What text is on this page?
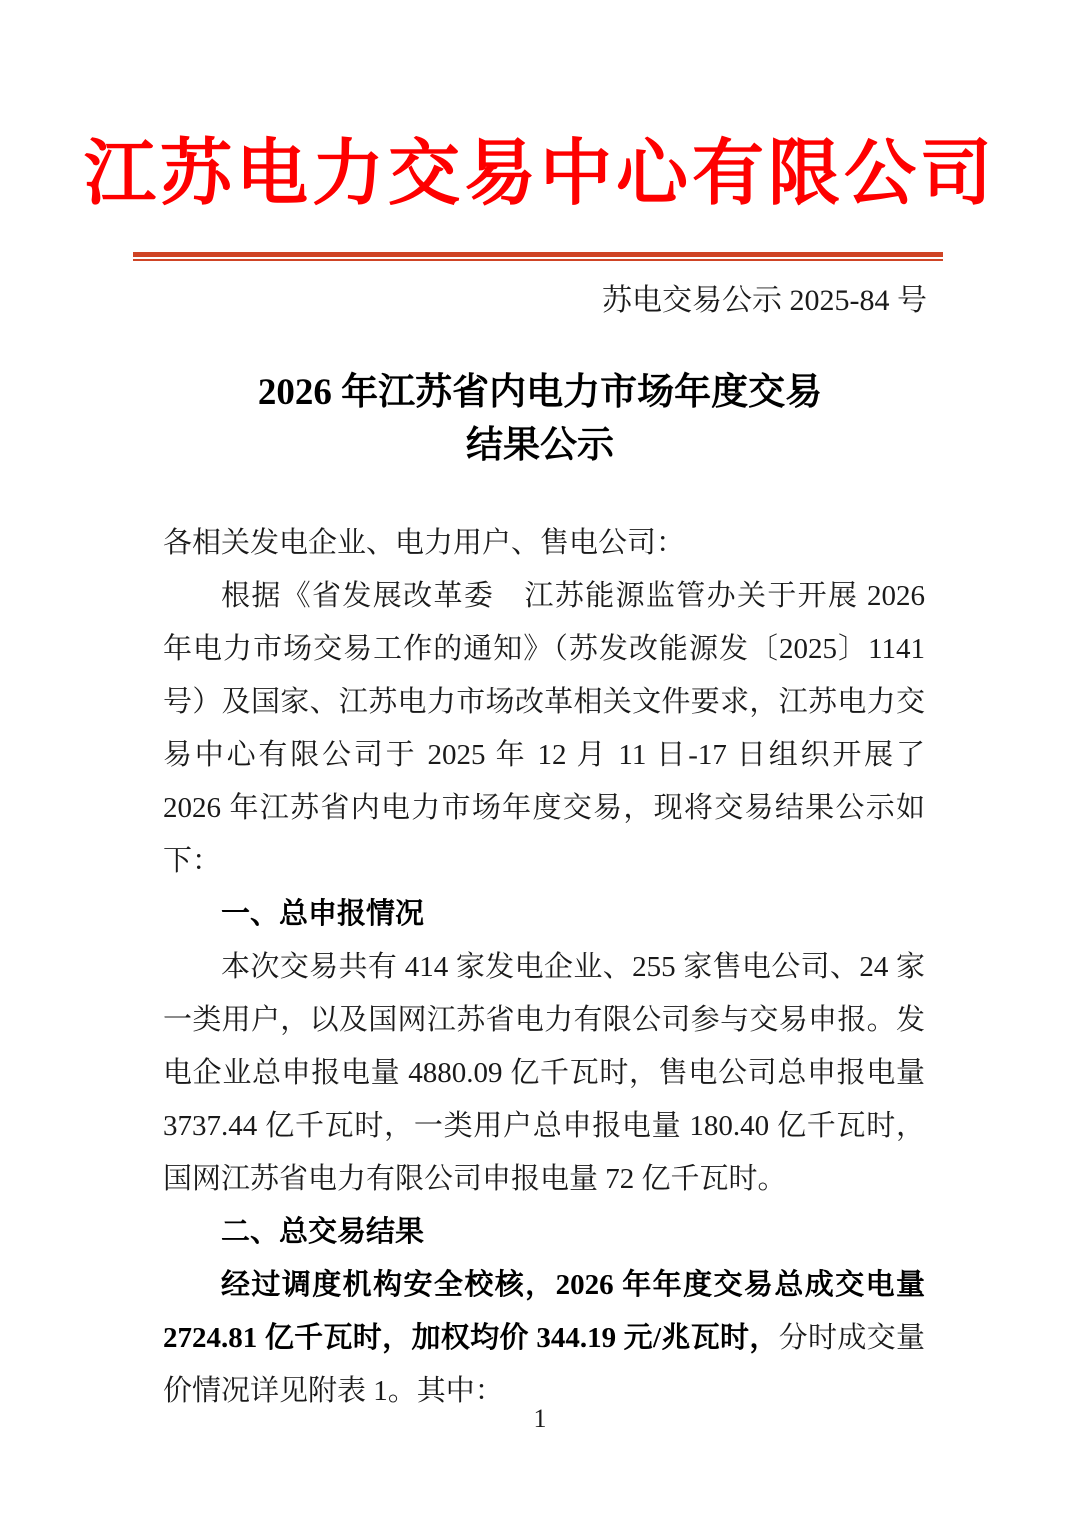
江苏电力交易中心有限公司
苏电交易公示 2025-84 号
2026 年江苏省内电力市场年度交易
结果公示

各相关发电企业、电力用户、售电公司：

根据《省发展改革委　江苏能源监管办关于开展 2026 年电力市场交易工作的通知》（苏发改能源发〔2025〕1141 号）及国家、江苏电力市场改革相关文件要求，江苏电力交易中心有限公司于 2025 年 12 月 11 日-17 日组织开展了 2026 年江苏省内电力市场年度交易，现将交易结果公示如下：

一、总申报情况

本次交易共有 414 家发电企业、255 家售电公司、24 家一类用户，以及国网江苏省电力有限公司参与交易申报。发电企业总申报电量 4880.09 亿千瓦时，售电公司总申报电量 3737.44 亿千瓦时，一类用户总申报电量 180.40 亿千瓦时，国网江苏省电力有限公司申报电量 72 亿千瓦时。

二、总交易结果

经过调度机构安全校核，2026 年年度交易总成交电量 2724.81 亿千瓦时，加权均价 344.19 元/兆瓦时，分时成交量价情况详见附表 1。其中：

1
